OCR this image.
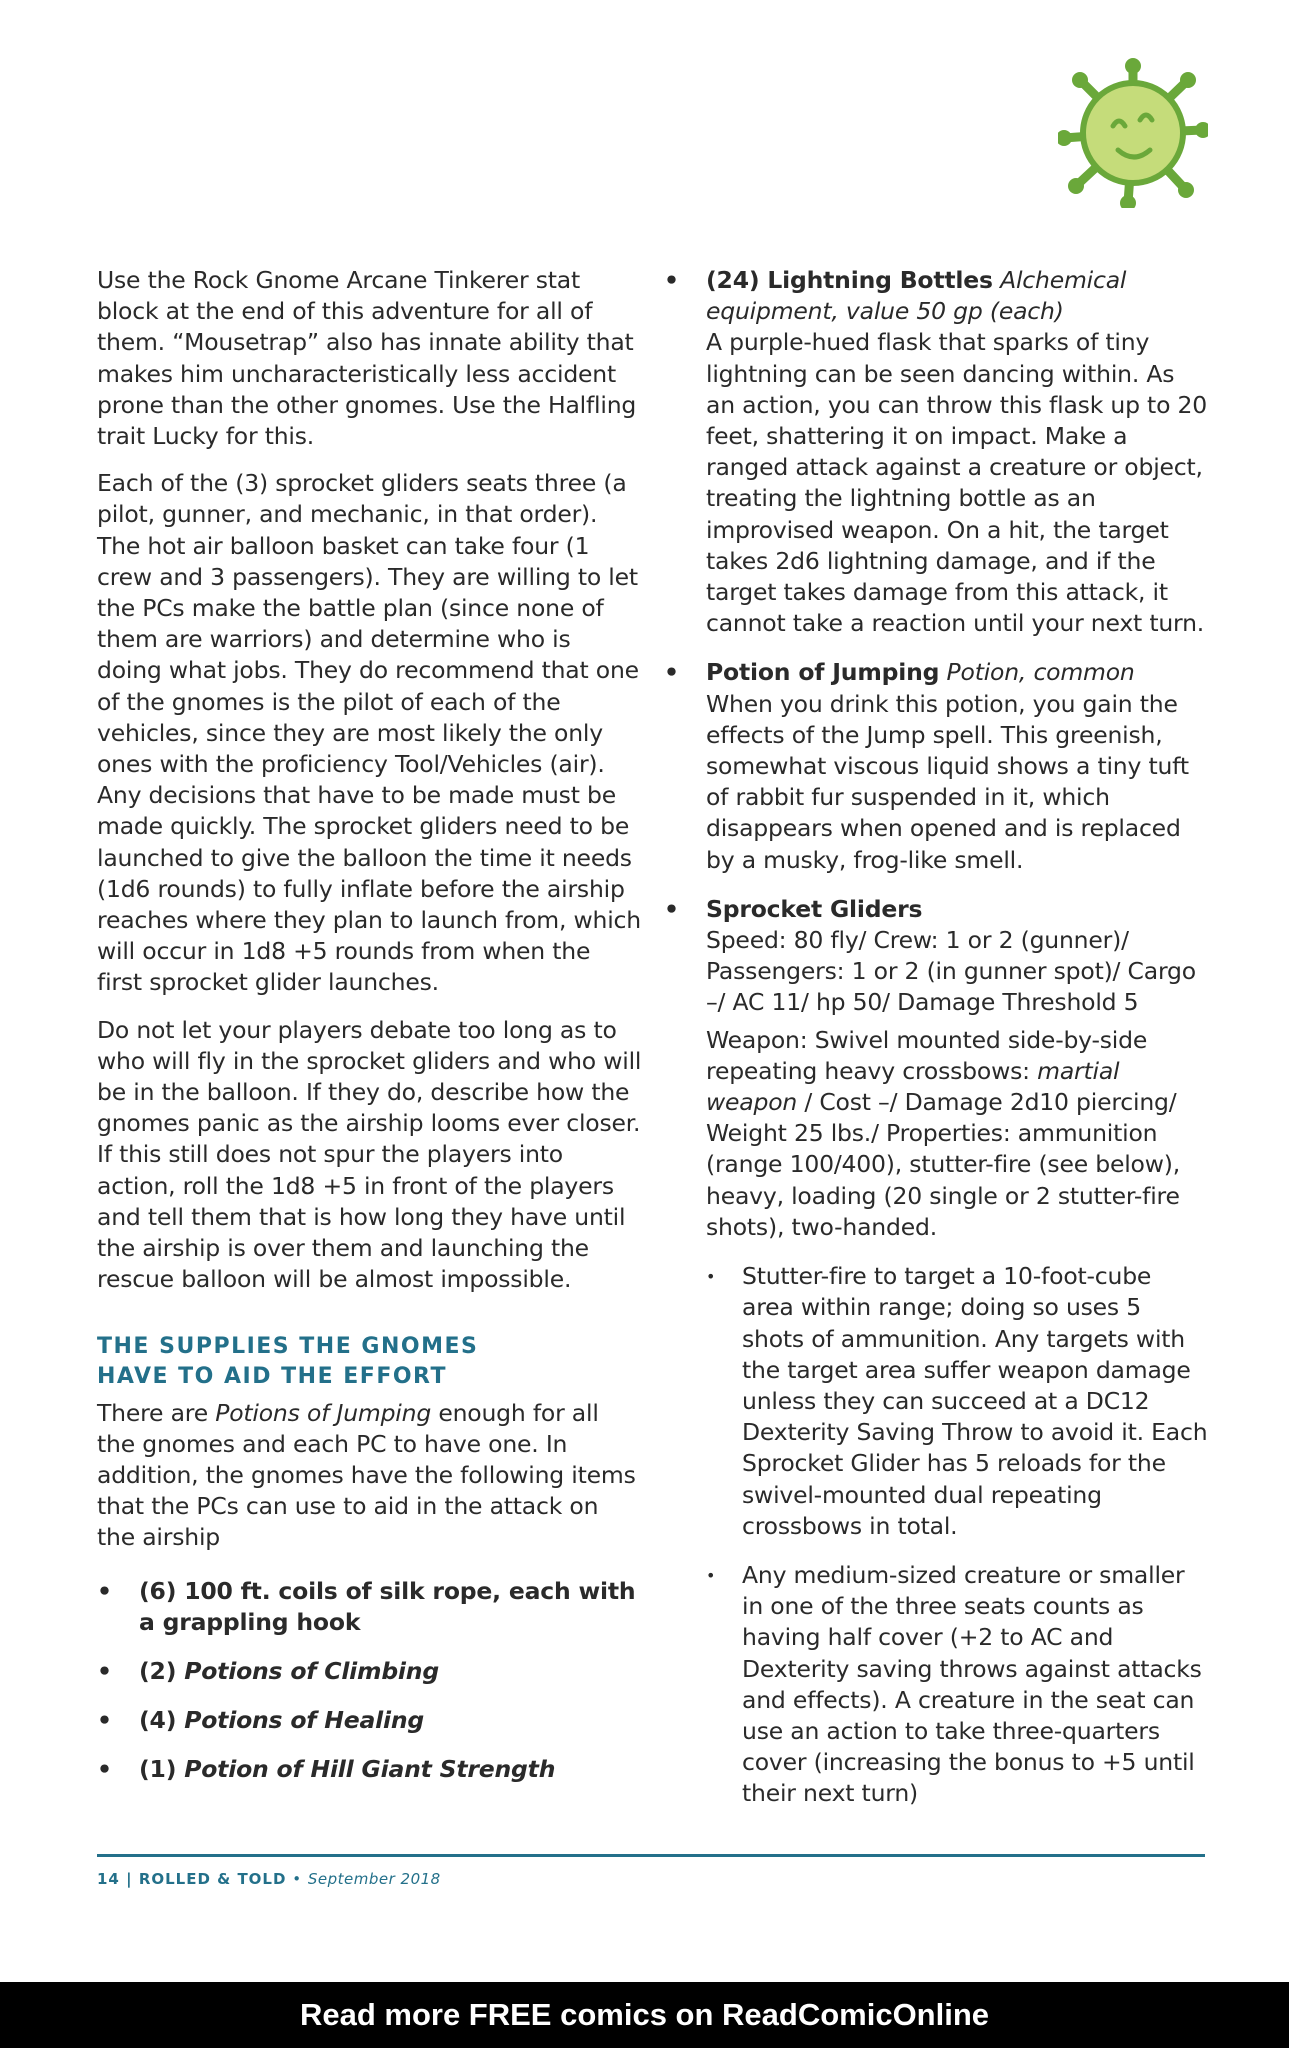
Use the Rock Gnome Arcane Tinkerer stat block at the end of this adventure for all of them. “Mousetrap” also has innate ability that makes him uncharacteristically less accident prone than the other gnomes. Use the Halfling trait Lucky for this.

Each of the (3) sprocket gliders seats three (a pilot, gunner, and mechanic, in that order). The hot air balloon basket can take four (1 crew and 3 passengers). They are willing to let the PCs make the battle plan (since none of them are warriors) and determine who is doing what jobs. They do recommend that one of the gnomes is the pilot of each of the vehicles, since they are most likely the only ones with the proficiency Tool/Vehicles (air). Any decisions that have to be made must be made quickly. The sprocket gliders need to be launched to give the balloon the time it needs (1d6 rounds) to fully inflate before the airship reaches where they plan to launch from, which will occur in 1d8 +5 rounds from when the first sprocket glider launches.

Do not let your players debate too long as to who will fly in the sprocket gliders and who will be in the balloon. If they do, describe how the gnomes panic as the airship looms ever closer. If this still does not spur the players into action, roll the 1d8 +5 in front of the players and tell them that is how long they have until the airship is over them and launching the rescue balloon will be almost impossible.

THE SUPPLIES THE GNOMES
HAVE TO AID THE EFFORT

There are Potions of Jumping enough for all the gnomes and each PC to have one. In addition, the gnomes have the following items that the PCs can use to aid in the attack on the airship

• (6) 100 ft. coils of silk rope, each with a grappling hook
• (2) Potions of Climbing
• (4) Potions of Healing
• (1) Potion of Hill Giant Strength
• (24) Lightning Bottles Alchemical equipment, value 50 gp (each)
A purple-hued flask that sparks of tiny lightning can be seen dancing within. As an action, you can throw this flask up to 20 feet, shattering it on impact. Make a ranged attack against a creature or object, treating the lightning bottle as an improvised weapon. On a hit, the target takes 2d6 lightning damage, and if the target takes damage from this attack, it cannot take a reaction until your next turn.
• Potion of Jumping Potion, common
When you drink this potion, you gain the effects of the Jump spell. This greenish, somewhat viscous liquid shows a tiny tuft of rabbit fur suspended in it, which disappears when opened and is replaced by a musky, frog-like smell.
• Sprocket Gliders
Speed: 80 fly/ Crew: 1 or 2 (gunner)/ Passengers: 1 or 2 (in gunner spot)/ Cargo –/ AC 11/ hp 50/ Damage Threshold 5

Weapon: Swivel mounted side-by-side repeating heavy crossbows: martial weapon / Cost –/ Damage 2d10 piercing/ Weight 25 lbs./ Properties: ammunition (range 100/400), stutter-fire (see below), heavy, loading (20 single or 2 stutter-fire shots), two-handed.

• Stutter-fire to target a 10-foot-cube area within range; doing so uses 5 shots of ammunition. Any targets with the target area suffer weapon damage unless they can succeed at a DC12 Dexterity Saving Throw to avoid it. Each Sprocket Glider has 5 reloads for the swivel-mounted dual repeating crossbows in total.
• Any medium-sized creature or smaller in one of the three seats counts as having half cover (+2 to AC and Dexterity saving throws against attacks and effects). A creature in the seat can use an action to take three-quarters cover (increasing the bonus to +5 until their next turn)
14 | ROLLED & TOLD • September 2018
Read more FREE comics on ReadComicOnline
